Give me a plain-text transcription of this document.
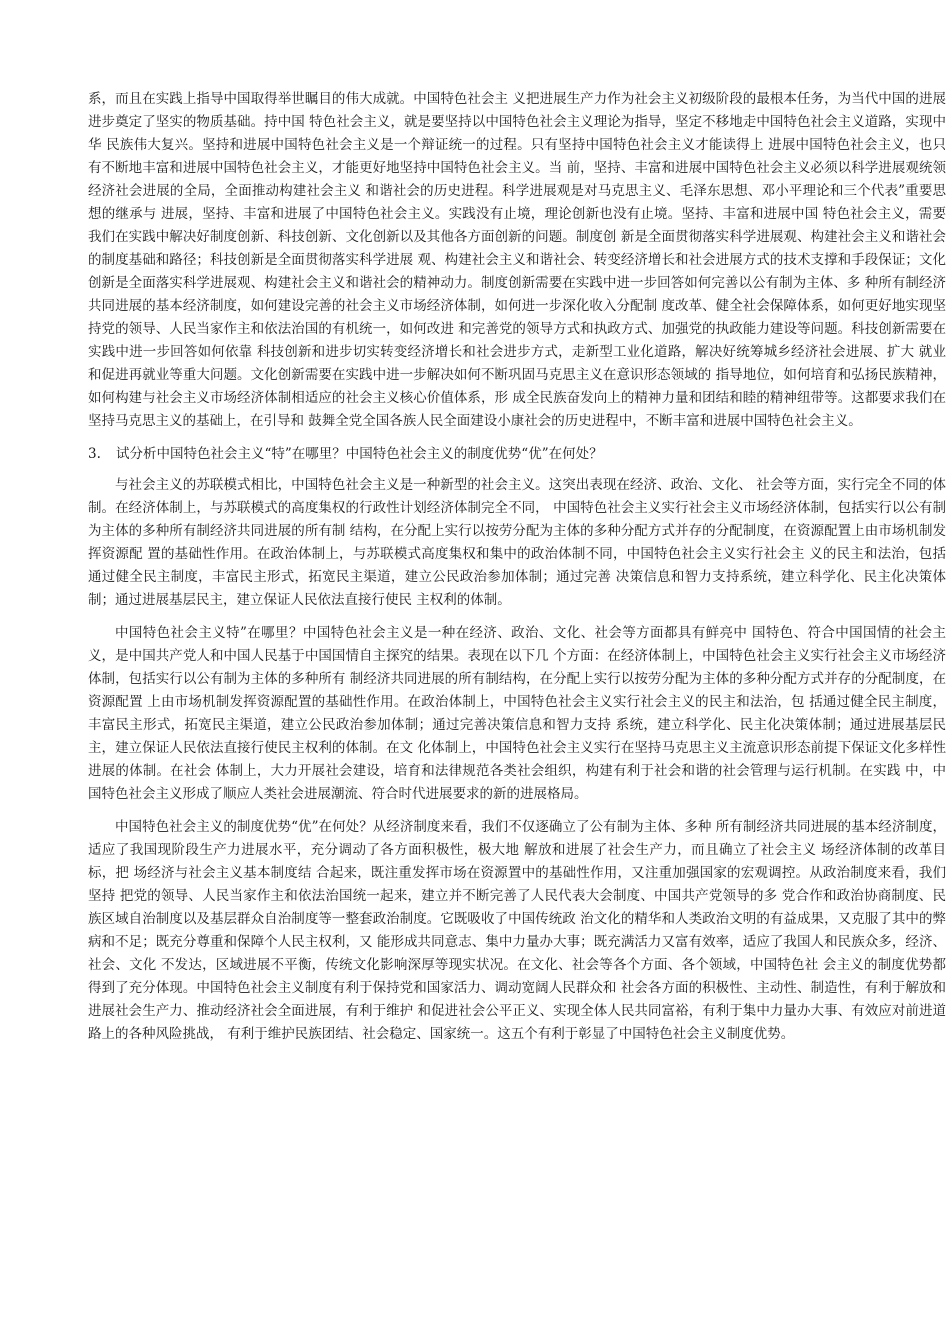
系，而且在实践上指导中国取得举世瞩目的伟大成就。中国特色社会主 义把进展生产力作为社会主义初级阶段的最根本任务，为当代中国的进展进步奠定了坚实的物质基础。持中国 特色社会主义，就是要坚持以中国特色社会主义理论为指导，坚定不移地走中国特色社会主义道路，实现中华 民族伟大复兴。坚持和进展中国特色社会主义是一个辩证统一的过程。只有坚持中国特色社会主义才能读得上 进展中国特色社会主义，也只有不断地丰富和进展中国特色社会主义，才能更好地坚持中国特色社会主义。当 前，坚持、丰富和进展中国特色社会主义必须以科学进展观统领经济社会进展的全局，全面推动构建社会主义 和谐社会的历史进程。科学进展观是对马克思主义、毛泽东思想、邓小平理论和三个代表”重要思想的继承与 进展，坚持、丰富和进展了中国特色社会主义。实践没有止境，理论创新也没有止境。坚持、丰富和进展中国 特色社会主义，需要我们在实践中解决好制度创新、科技创新、文化创新以及其他各方面创新的问题。制度创 新是全面贯彻落实科学进展观、构建社会主义和谐社会的制度基础和路径；科技创新是全面贯彻落实科学进展 观、构建社会主义和谐社会、转变经济增长和社会进展方式的技术支撑和手段保证；文化创新是全面落实科学进展观、构建社会主义和谐社会的精神动力。制度创新需要在实践中进一步回答如何完善以公有制为主体、多 种所有制经济共同进展的基本经济制度，如何建设完善的社会主义市场经济体制，如何进一步深化收入分配制 度改革、健全社会保障体系，如何更好地实现坚持党的领导、人民当家作主和依法治国的有机统一，如何改进 和完善党的领导方式和执政方式、加强党的执政能力建设等问题。科技创新需要在实践中进一步回答如何依靠 科技创新和进步切实转变经济增长和社会进步方式，走新型工业化道路，解决好统筹城乡经济社会进展、扩大 就业和促进再就业等重大问题。文化创新需要在实践中进一步解决如何不断巩固马克思主义在意识形态领域的 指导地位，如何培育和弘扬民族精神，如何构建与社会主义市场经济体制相适应的社会主义核心价值体系，形 成全民族奋发向上的精神力量和团结和睦的精神纽带等。这都要求我们在坚持马克思主义的基础上，在引导和 鼓舞全党全国各族人民全面建设小康社会的历史进程中，不断丰富和进展中国特色社会主义。

3. 试分析中国特色社会主义“特”在哪里？中国特色社会主义的制度优势“优”在何处？

与社会主义的苏联模式相比，中国特色社会主义是一种新型的社会主义。这突出表现在经济、政治、文化、 社会等方面，实行完全不同的体制。在经济体制上，与苏联模式的高度集权的行政性计划经济体制完全不同， 中国特色社会主义实行社会主义市场经济体制，包括实行以公有制为主体的多种所有制经济共同进展的所有制 结构，在分配上实行以按劳分配为主体的多种分配方式并存的分配制度，在资源配置上由市场机制发挥资源配 置的基础性作用。在政治体制上，与苏联模式高度集权和集中的政治体制不同，中国特色社会主义实行社会主 义的民主和法治，包括通过健全民主制度，丰富民主形式，拓宽民主渠道，建立公民政治参加体制；通过完善 决策信息和智力支持系统，建立科学化、民主化决策体制；通过进展基层民主，建立保证人民依法直接行使民 主权利的体制。

中国特色社会主义特”在哪里？中国特色社会主义是一种在经济、政治、文化、社会等方面都具有鲜亮中 国特色、符合中国国情的社会主义，是中国共产党人和中国人民基于中国国情自主探究的结果。表现在以下几 个方面：在经济体制上，中国特色社会主义实行社会主义市场经济体制，包括实行以公有制为主体的多种所有 制经济共同进展的所有制结构，在分配上实行以按劳分配为主体的多种分配方式并存的分配制度，在资源配置 上由市场机制发挥资源配置的基础性作用。在政治体制上，中国特色社会主义实行社会主义的民主和法治，包 括通过健全民主制度，丰富民主形式，拓宽民主渠道，建立公民政治参加体制；通过完善决策信息和智力支持 系统，建立科学化、民主化决策体制；通过进展基层民主，建立保证人民依法直接行使民主权利的体制。在文 化体制上，中国特色社会主义实行在坚持马克思主义主流意识形态前提下保证文化多样性进展的体制。在社会 体制上，大力开展社会建设，培育和法律规范各类社会组织，构建有利于社会和谐的社会管理与运行机制。在实践 中，中国特色社会主义形成了顺应人类社会进展潮流、符合时代进展要求的新的进展格局。

中国特色社会主义的制度优势“优”在何处？从经济制度来看，我们不仅逐确立了公有制为主体、多种 所有制经济共同进展的基本经济制度，适应了我国现阶段生产力进展水平，充分调动了各方面积极性，极大地 解放和进展了社会生产力，而且确立了社会主义 场经济体制的改革目标，把 场经济与社会主义基本制度结 合起来，既注重发挥市场在资源置中的基础性作用，又注重加强国家的宏观调控。从政治制度来看，我们坚持 把党的领导、人民当家作主和依法治国统一起来，建立并不断完善了人民代表大会制度、中国共产党领导的多 党合作和政治协商制度、民族区域自治制度以及基层群众自治制度等一整套政治制度。它既吸收了中国传统政 治文化的精华和人类政治文明的有益成果，又克服了其中的弊病和不足；既充分尊重和保障个人民主权利，又 能形成共同意志、集中力量办大事；既充满活力又富有效率，适应了我国人和民族众多，经济、社会、文化 不发达，区域进展不平衡，传统文化影响深厚等现实状况。在文化、社会等各个方面、各个领域，中国特色社 会主义的制度优势都得到了充分体现。中国特色社会主义制度有利于保持党和国家活力、调动宽阔人民群众和 社会各方面的积极性、主动性、制造性，有利于解放和进展社会生产力、推动经济社会全面进展，有利于维护 和促进社会公平正义、实现全体人民共同富裕，有利于集中力量办大事、有效应对前进道路上的各种风险挑战， 有利于维护民族团结、社会稳定、国家统一。这五个有利于彰显了中国特色社会主义制度优势。
